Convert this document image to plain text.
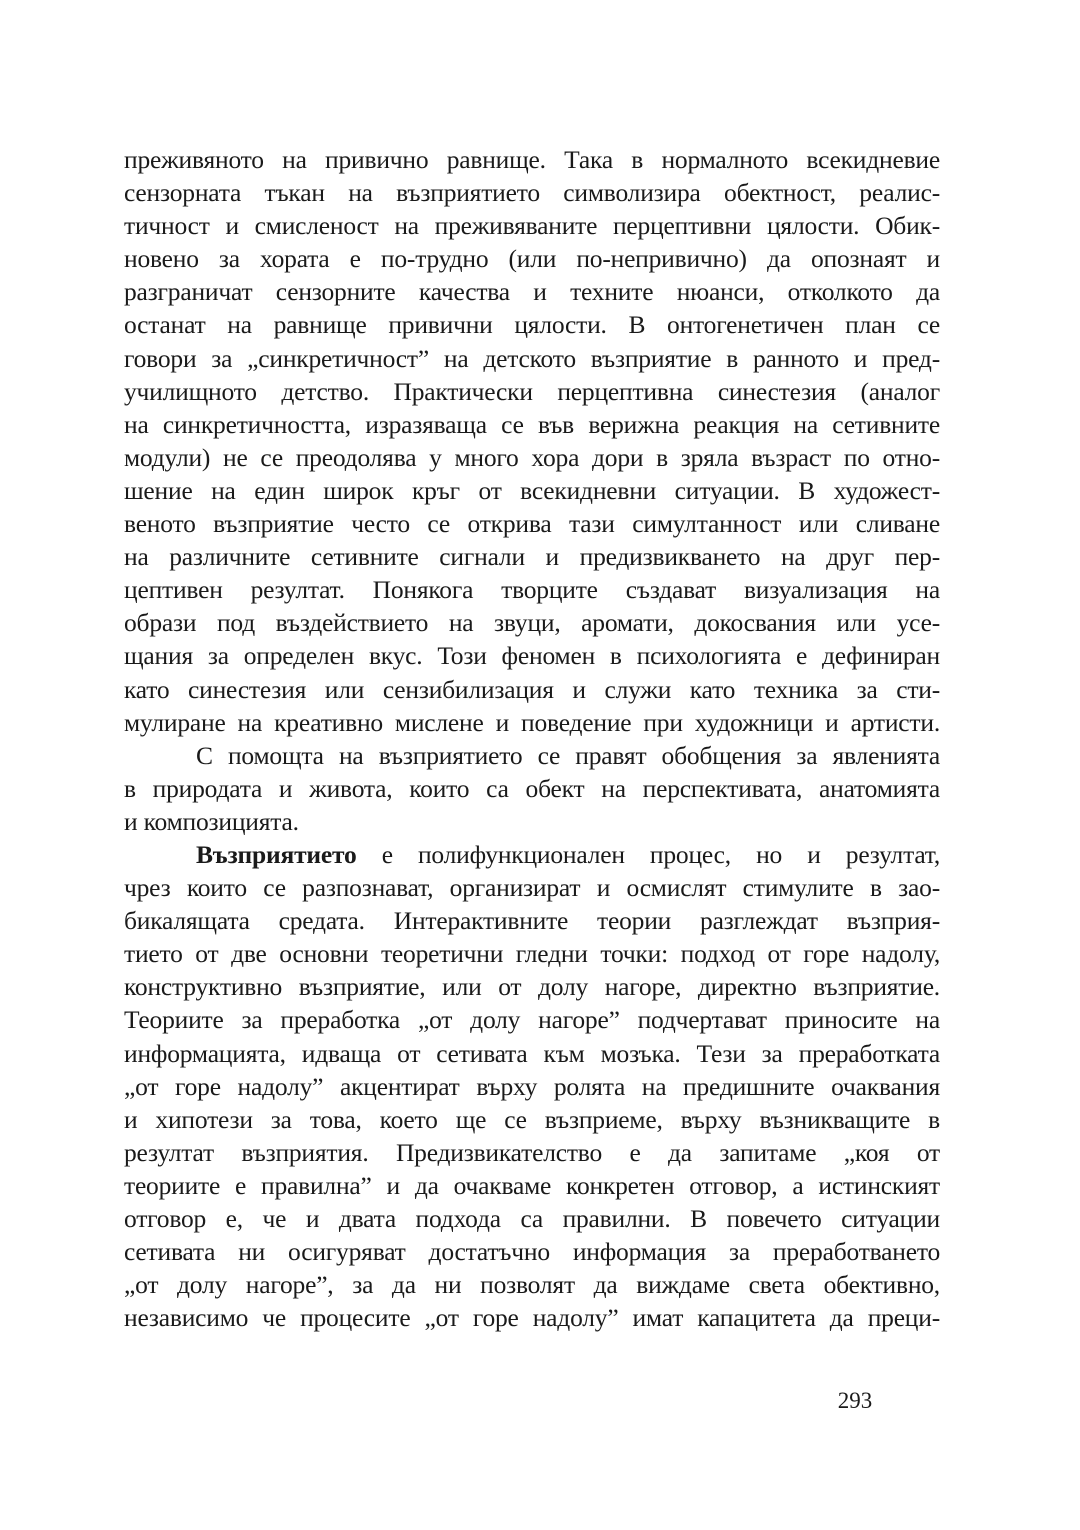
преживяното на привично равнище. Така в нормалното всекидневие
сензорната тъкан на възприятието символизира обектност, реалис-
тичност и смисленост на преживяваните перцептивни цялости. Обик-
новено за хората е по-трудно (или по-непривично) да опознаят и
разграничат сензорните качества и техните нюанси, отколкото да
останат на равнище привични цялости. В онтогенетичен план се
говори за „синкретичност” на детското възприятие в ранното и пред-
училищното детство. Практически перцептивна синестезия (аналог
на синкретичността, изразяваща се във верижна реакция на сетивните
модули) не се преодолява у много хора дори в зряла възраст по отно-
шение на един широк кръг от всекидневни ситуации. В художест-
веното възприятие често се открива тази симултанност или сливане
на различните сетивните сигнали и предизвикването на друг пер-
цептивен резултат. Понякога творците създават визуализация на
образи под въздействието на звуци, аромати, докосвания или усе-
щания за определен вкус. Този феномен в психологията е дефиниран
като синестезия или сензибилизация и служи като техника за сти-
мулиране на креативно мислене и поведение при художници и артисти.
С помощта на възприятието се правят обобщения за явленията
в природата и живота, които са обект на перспективата, анатомията
и композицията.
Възприятието е полифункционален процес, но и резултат,
чрез които се разпознават, организират и осмислят стимулите в зао-
бикалящата средата. Интерактивните теории разглеждат възприя-
тието от две основни теоретични гледни точки: подход от горе надолу,
конструктивно възприятие, или от долу нагоре, директно възприятие.
Теориите за преработка „от долу нагоре” подчертават приносите на
информацията, идваща от сетивата към мозъка. Тези за преработката
„от горе надолу” акцентират върху ролята на предишните очаквания
и хипотези за това, което ще се възприеме, върху възникващите в
резултат възприятия. Предизвикателство е да запитаме „коя от
теориите е правилна” и да очакваме конкретен отговор, а истинският
отговор е, че и двата подхода са правилни. В повечето ситуации
сетивата ни осигуряват достатъчно информация за преработването
„от долу нагоре”, за да ни позволят да виждаме света обективно,
независимо че процесите „от горе надолу” имат капацитета да преци-
293
